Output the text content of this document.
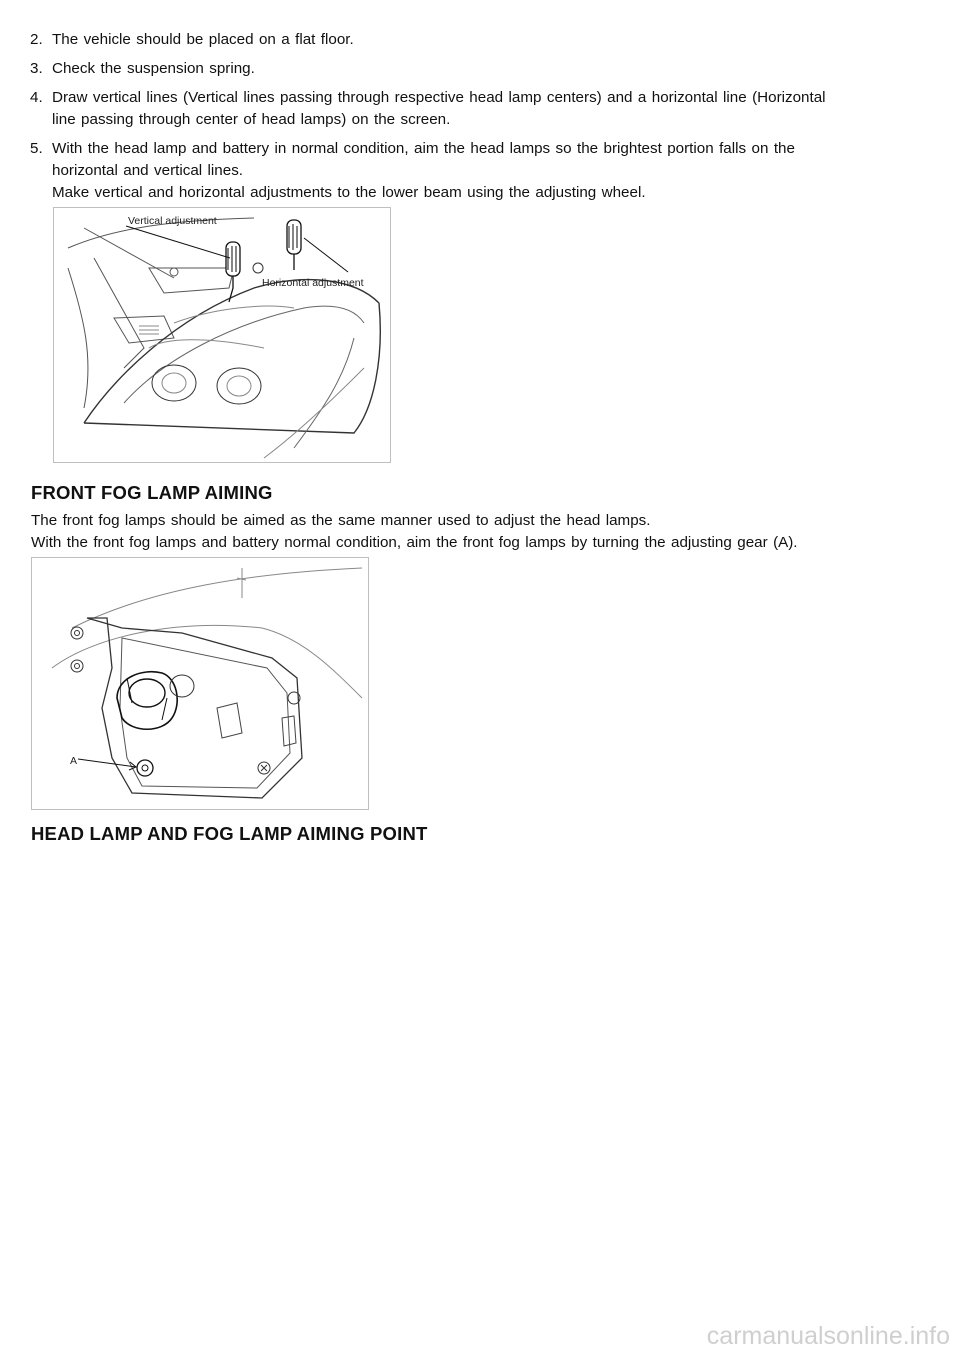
2. The vehicle should be placed on a flat floor.
3. Check the suspension spring.
4. Draw vertical lines (Vertical lines passing through respective head lamp centers) and a horizontal line (Horizontal
line passing through center of head lamps) on the screen.
5. With the head lamp and battery in normal condition, aim the head lamps so the brightest portion falls on the
horizontal and vertical lines.
Make vertical and horizontal adjustments to the lower beam using the adjusting wheel.
Vertical adjustment
Horizontal adjustment
FRONT FOG LAMP AIMING

The front fog lamps should be aimed as the same manner used to adjust the head lamps.

With the front fog lamps and battery normal condition, aim the front fog lamps by turning the adjusting gear (A).

A
HEAD LAMP AND FOG LAMP AIMING POINT
carmanualsonline.info
